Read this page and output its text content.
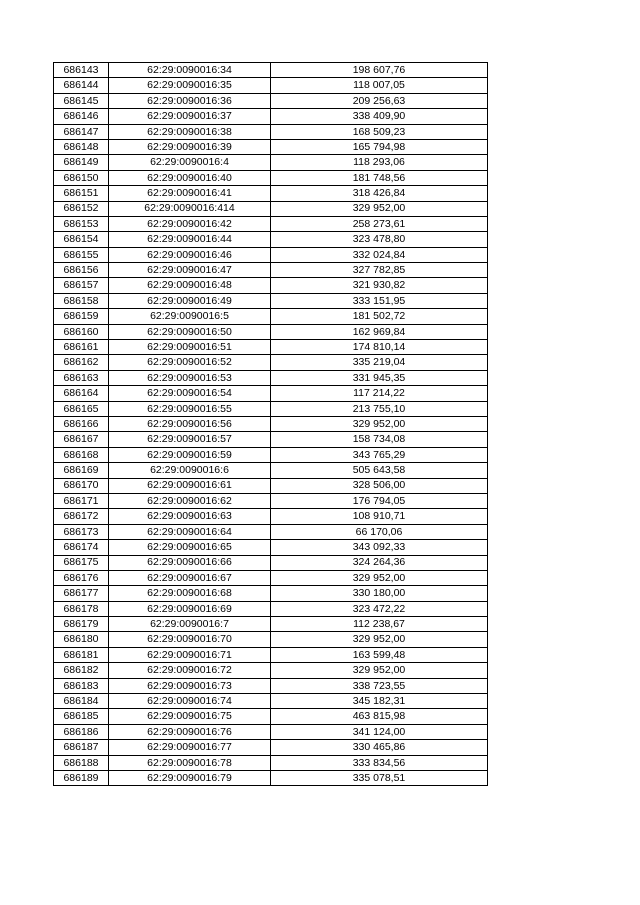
686143	62:29:0090016:34	198 607,76
686144	62:29:0090016:35	118 007,05
686145	62:29:0090016:36	209 256,63
686146	62:29:0090016:37	338 409,90
686147	62:29:0090016:38	168 509,23
686148	62:29:0090016:39	165 794,98
686149	62:29:0090016:4	118 293,06
686150	62:29:0090016:40	181 748,56
686151	62:29:0090016:41	318 426,84
686152	62:29:0090016:414	329 952,00
686153	62:29:0090016:42	258 273,61
686154	62:29:0090016:44	323 478,80
686155	62:29:0090016:46	332 024,84
686156	62:29:0090016:47	327 782,85
686157	62:29:0090016:48	321 930,82
686158	62:29:0090016:49	333 151,95
686159	62:29:0090016:5	181 502,72
686160	62:29:0090016:50	162 969,84
686161	62:29:0090016:51	174 810,14
686162	62:29:0090016:52	335 219,04
686163	62:29:0090016:53	331 945,35
686164	62:29:0090016:54	117 214,22
686165	62:29:0090016:55	213 755,10
686166	62:29:0090016:56	329 952,00
686167	62:29:0090016:57	158 734,08
686168	62:29:0090016:59	343 765,29
686169	62:29:0090016:6	505 643,58
686170	62:29:0090016:61	328 506,00
686171	62:29:0090016:62	176 794,05
686172	62:29:0090016:63	108 910,71
686173	62:29:0090016:64	66 170,06
686174	62:29:0090016:65	343 092,33
686175	62:29:0090016:66	324 264,36
686176	62:29:0090016:67	329 952,00
686177	62:29:0090016:68	330 180,00
686178	62:29:0090016:69	323 472,22
686179	62:29:0090016:7	112 238,67
686180	62:29:0090016:70	329 952,00
686181	62:29:0090016:71	163 599,48
686182	62:29:0090016:72	329 952,00
686183	62:29:0090016:73	338 723,55
686184	62:29:0090016:74	345 182,31
686185	62:29:0090016:75	463 815,98
686186	62:29:0090016:76	341 124,00
686187	62:29:0090016:77	330 465,86
686188	62:29:0090016:78	333 834,56
686189	62:29:0090016:79	335 078,51
